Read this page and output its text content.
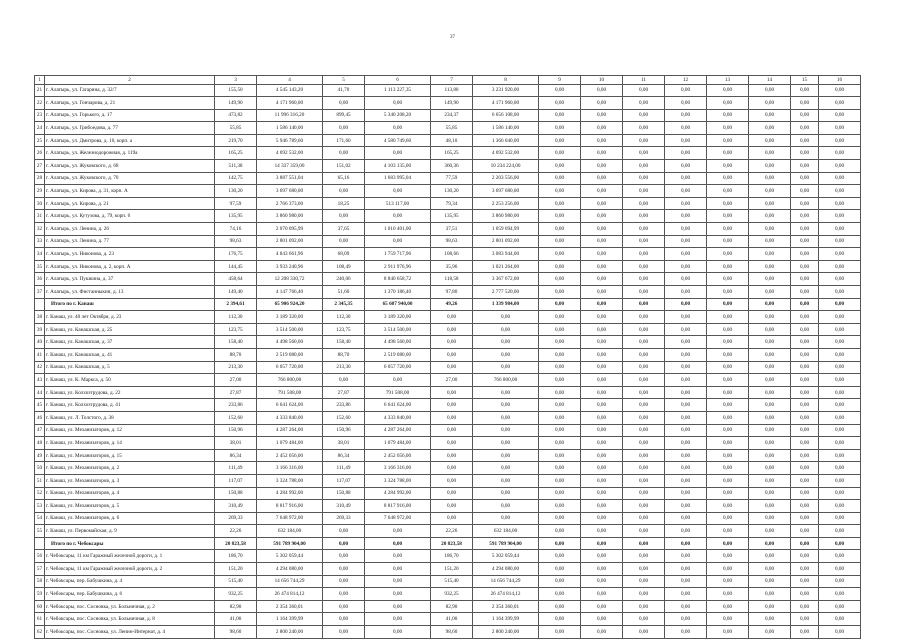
37
1	2	3	4	5	6	7	8	9	10	11	12	13	14	15	16
21	г. Алатырь, ул. Гагарина, д. 32/7	155,50	4 545 143,20	41,70	1 113 227,35	113,80	3 231 920,00	0,00	0,00	0,00	0,00	0,00	0,00	0,00	0,00
22	г. Алатырь, ул. Гончарова, д. 21	149,90	4 171 960,00	0,00	0,00	149,90	4 171 960,00	0,00	0,00	0,00	0,00	0,00	0,00	0,00	0,00
23	г. Алатырь, ул. Горького, д. 17	473,82	11 996 316,20	899,45	5 340 208,20	234,37	6 656 108,00	0,00	0,00	0,00	0,00	0,00	0,00	0,00	0,00
24	г. Алатырь, ул. Грибоедова, д. 77	55,85	1 586 140,00	0,00	0,00	55,85	1 586 140,00	0,00	0,00	0,00	0,00	0,00	0,00	0,00	0,00
25	г. Алатырь, ул. Дмитрова, д. 10, корп. а	219,70	5 946 789,60	171,60	4 580 749,60	48,10	1 366 040,00	0,00	0,00	0,00	0,00	0,00	0,00	0,00	0,00
26	г. Алатырь, ул. Железнодорожная, д. 119а	165,25	4 692 532,00	0,00	0,00	165,25	4 692 532,00	0,00	0,00	0,00	0,00	0,00	0,00	0,00	0,00
27	г. Алатырь, ул. Жуковского, д. 68	511,38	14 337 359,00	151,02	4 103 135,00	360,36	10 234 224,00	0,00	0,00	0,00	0,00	0,00	0,00	0,00	0,00
28	г. Алатырь, ул. Жуковского, д. 70	142,75	3 887 551,04	65,16	1 683 995,04	77,59	2 203 556,00	0,00	0,00	0,00	0,00	0,00	0,00	0,00	0,00
29	г. Алатырь, ул. Кирова, д. 31, корп. А	130,20	3 697 680,00	0,00	0,00	130,20	3 697 680,00	0,00	0,00	0,00	0,00	0,00	0,00	0,00	0,00
30	г. Алатырь, ул. Кирова, д. 21	97,59	2 766 373,00	18,25	513 117,00	79,34	2 253 256,00	0,00	0,00	0,00	0,00	0,00	0,00	0,00	0,00
31	г. Алатырь, ул. Кутузова, д. 79, корп. 6	135,95	3 860 980,00	0,00	0,00	135,95	3 860 980,00	0,00	0,00	0,00	0,00	0,00	0,00	0,00	0,00
32	г. Алатырь, ул. Ленина, д. 26	74,16	2 070 095,99	37,65	1 010 401,00	37,51	1 059 694,99	0,00	0,00	0,00	0,00	0,00	0,00	0,00	0,00
33	г. Алатырь, ул. Ленина, д. 77	98,63	2 801 092,00	0,00	0,00	98,63	2 801 092,00	0,00	0,00	0,00	0,00	0,00	0,00	0,00	0,00
34	г. Алатырь, ул. Никонова, д. 23	176,75	4 843 661,96	68,09	1 759 717,96	108,66	3 083 944,00	0,00	0,00	0,00	0,00	0,00	0,00	0,00	0,00
35	г. Алатырь, ул. Никонова, д. 2, корп. А	144,45	3 933 240,96	108,49	2 911 976,96	35,96	1 021 264,00	0,00	0,00	0,00	0,00	0,00	0,00	0,00	0,00
36	г. Алатырь, ул. Пушкина, д. 37	458,64	12 208 330,72	240,06	8 840 658,72	118,58	3 367 672,00	0,00	0,00	0,00	0,00	0,00	0,00	0,00	0,00
37	г. Алатырь, ул. Фистанныкин, д. 13	149,40	4 147 766,40	51,60	1 370 186,40	97,80	2 777 520,00	0,00	0,00	0,00	0,00	0,00	0,00	0,00	0,00
	Итого по г. Канаш	2 394,61	65 906 924,20	2 345,35	65 607 940,00	49,26	1 339 984,00	0,00	0,00	0,00	0,00	0,00	0,00	0,00	0,00
38	г. Канаш, ул. 40 лет Октября, д. 23	112,30	3 189 320,00	112,30	3 189 320,00	0,00	0,00	0,00	0,00	0,00	0,00	0,00	0,00	0,00	0,00
39	г. Канаш, ул. Канашская, д. 25	123,75	3 514 500,00	123,75	3 514 500,00	0,00	0,00	0,00	0,00	0,00	0,00	0,00	0,00	0,00	0,00
40	г. Канаш, ул. Канашская, д. 37	158,40	4 498 560,00	158,40	4 498 560,00	0,00	0,00	0,00	0,00	0,00	0,00	0,00	0,00	0,00	0,00
41	г. Канаш, ул. Канашская, д. 41	88,70	2 519 080,00	88,70	2 519 080,00	0,00	0,00	0,00	0,00	0,00	0,00	0,00	0,00	0,00	0,00
42	г. Канаш, ул. Канашская, д. 5	213,30	6 057 720,00	213,30	6 057 720,00	0,00	0,00	0,00	0,00	0,00	0,00	0,00	0,00	0,00	0,00
43	г. Канаш, ул. К. Маркса, д. 50	27,00	766 800,00	0,00	0,00	27,00	766 800,00	0,00	0,00	0,00	0,00	0,00	0,00	0,00	0,00
44	г. Канаш, ул. Колхозтрудова, д. 22	27,87	791 508,00	27,87	791 508,00	0,00	0,00	0,00	0,00	0,00	0,00	0,00	0,00	0,00	0,00
45	г. Канаш, ул. Колхозтрудова, д. 41	233,86	6 641 624,00	233,86	6 641 624,00	0,00	0,00	0,00	0,00	0,00	0,00	0,00	0,00	0,00	0,00
46	г. Канаш, ул. Л. Толстого, д. 38	152,60	4 333 840,00	152,60	4 333 840,00	0,00	0,00	0,00	0,00	0,00	0,00	0,00	0,00	0,00	0,00
47	г. Канаш, ул. Механизаторов, д. 12	150,96	4 287 264,00	150,96	4 287 264,00	0,00	0,00	0,00	0,00	0,00	0,00	0,00	0,00	0,00	0,00
48	г. Канаш, ул. Механизаторов, д. 14	38,01	1 079 484,00	38,01	1 079 484,00	0,00	0,00	0,00	0,00	0,00	0,00	0,00	0,00	0,00	0,00
49	г. Канаш, ул. Механизаторов, д. 15	86,34	2 452 056,00	86,34	2 452 056,00	0,00	0,00	0,00	0,00	0,00	0,00	0,00	0,00	0,00	0,00
50	г. Канаш, ул. Механизаторов, д. 2	111,49	3 166 316,00	111,49	3 166 316,00	0,00	0,00	0,00	0,00	0,00	0,00	0,00	0,00	0,00	0,00
51	г. Канаш, ул. Механизаторов, д. 3	117,07	3 324 788,00	117,07	3 324 788,00	0,00	0,00	0,00	0,00	0,00	0,00	0,00	0,00	0,00	0,00
52	г. Канаш, ул. Механизаторов, д. 4	150,88	4 284 992,00	150,88	4 284 992,00	0,00	0,00	0,00	0,00	0,00	0,00	0,00	0,00	0,00	0,00
53	г. Канаш, ул. Механизаторов, д. 5	310,49	8 817 916,00	310,49	8 817 916,00	0,00	0,00	0,00	0,00	0,00	0,00	0,00	0,00	0,00	0,00
54	г. Канаш, ул. Механизаторов, д. 6	269,33	7 648 972,00	269,33	7 648 972,00	0,00	0,00	0,00	0,00	0,00	0,00	0,00	0,00	0,00	0,00
55	г. Канаш, ул. Первомайская, д. 9	22,26	632 184,00	0,00	0,00	22,26	632 184,00	0,00	0,00	0,00	0,00	0,00	0,00	0,00	0,00
	Итого по г. Чебоксары	20 823,58	591 789 904,00	0,00	0,00	20 823,58	591 789 904,00	0,00	0,00	0,00	0,00	0,00	0,00	0,00	0,00
56	г. Чебоксары, 11 км Гаражный железной дороги, д. 1	186,70	5 302 059,44	0,00	0,00	186,70	5 302 059,44	0,00	0,00	0,00	0,00	0,00	0,00	0,00	0,00
57	г. Чебоксары, 11 км Гаражный железной дороги, д. 2	151,20	4 294 080,00	0,00	0,00	151,20	4 294 080,00	0,00	0,00	0,00	0,00	0,00	0,00	0,00	0,00
58	г. Чебоксары, пер. Бабушкина, д. 4	515,40	14 656 744,29	0,00	0,00	515,40	14 656 744,29	0,00	0,00	0,00	0,00	0,00	0,00	0,00	0,00
59	г. Чебоксары, пер. Бабушкина, д. 6	932,25	26 474 814,12	0,00	0,00	932,25	26 474 814,12	0,00	0,00	0,00	0,00	0,00	0,00	0,00	0,00
60	г. Чебоксары, пос. Сосновка, ул. Больничная, д. 2	82,90	2 354 360,01	0,00	0,00	82,90	2 354 360,01	0,00	0,00	0,00	0,00	0,00	0,00	0,00	0,00
61	г. Чебоксары, пос. Сосновка, ул. Больничная, д. 8	41,00	1 164 399,99	0,00	0,00	41,00	1 164 399,99	0,00	0,00	0,00	0,00	0,00	0,00	0,00	0,00
62	г. Чебоксары, пос. Сосновка, ул. Ленин-Интернат, д. 4	98,60	2 800 240,00	0,00	0,00	98,60	2 800 240,00	0,00	0,00	0,00	0,00	0,00	0,00	0,00	0,00
